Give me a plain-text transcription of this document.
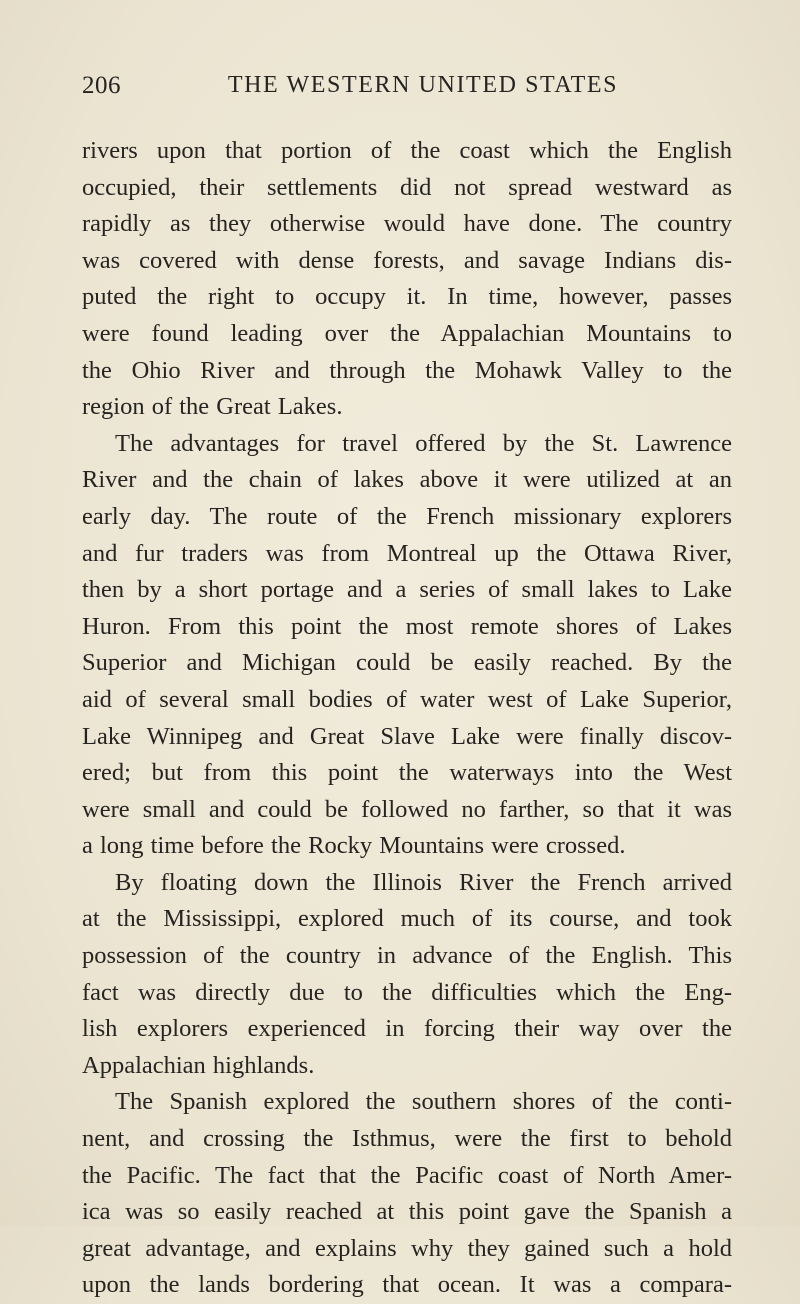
206	THE WESTERN UNITED STATES
rivers upon that portion of the coast which the English
occupied, their settlements did not spread westward as
rapidly as they otherwise would have done. The country
was covered with dense forests, and savage Indians dis-
puted the right to occupy it. In time, however, passes
were found leading over the Appalachian Mountains to
the Ohio River and through the Mohawk Valley to the
region of the Great Lakes.
The advantages for travel offered by the St. Lawrence
River and the chain of lakes above it were utilized at an
early day. The route of the French missionary explorers
and fur traders was from Montreal up the Ottawa River,
then by a short portage and a series of small lakes to Lake
Huron. From this point the most remote shores of Lakes
Superior and Michigan could be easily reached. By the
aid of several small bodies of water west of Lake Superior,
Lake Winnipeg and Great Slave Lake were finally discov-
ered; but from this point the waterways into the West
were small and could be followed no farther, so that it was
a long time before the Rocky Mountains were crossed.
By floating down the Illinois River the French arrived
at the Mississippi, explored much of its course, and took
possession of the country in advance of the English. This
fact was directly due to the difficulties which the Eng-
lish explorers experienced in forcing their way over the
Appalachian highlands.
The Spanish explored the southern shores of the conti-
nent, and crossing the Isthmus, were the first to behold
the Pacific. The fact that the Pacific coast of North Amer-
ica was so easily reached at this point gave the Spanish a
great advantage, and explains why they gained such a hold
upon the lands bordering that ocean. It was a compara-
